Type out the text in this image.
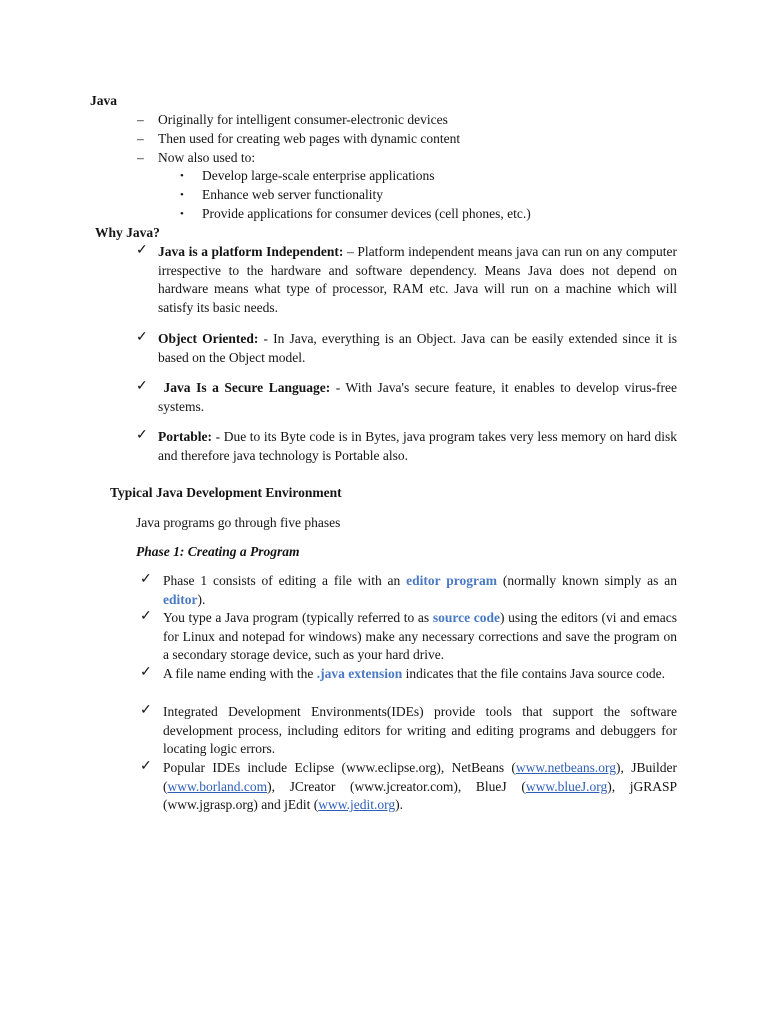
Java
– Originally for intelligent consumer-electronic devices
– Then used for creating web pages with dynamic content
– Now also used to:
• Develop large-scale enterprise applications
• Enhance web server functionality
• Provide applications for consumer devices (cell phones, etc.)
Why Java?
✓ Java is a platform Independent: – Platform independent means java can run on any computer irrespective to the hardware and software dependency. Means Java does not depend on hardware means what type of processor, RAM etc. Java will run on a machine which will satisfy its basic needs.
✓ Object Oriented: - In Java, everything is an Object. Java can be easily extended since it is based on the Object model.
✓	Java Is a Secure Language: - With Java's secure feature, it enables to develop virus-free systems.
✓ Portable: - Due to its Byte code is in Bytes, java program takes very less memory on hard disk and therefore java technology is Portable also.
Typical Java Development Environment
Java programs go through five phases
Phase 1: Creating a Program
✓ Phase 1 consists of editing a file with an editor program (normally known simply as an editor).
✓ You type a Java program (typically referred to as source code) using the editors (vi and emacs for Linux and notepad for windows) make any necessary corrections and save the program on a secondary storage device, such as your hard drive.
✓ A file name ending with the .java extension indicates that the file contains Java source code.
✓ Integrated Development Environments(IDEs) provide tools that support the software development process, including editors for writing and editing programs and debuggers for locating logic errors.
✓ Popular IDEs include Eclipse (www.eclipse.org), NetBeans (www.netbeans.org), JBuilder (www.borland.com), JCreator (www.jcreator.com), BlueJ (www.blueJ.org), jGRASP (www.jgrasp.org) and jEdit (www.jedit.org).
